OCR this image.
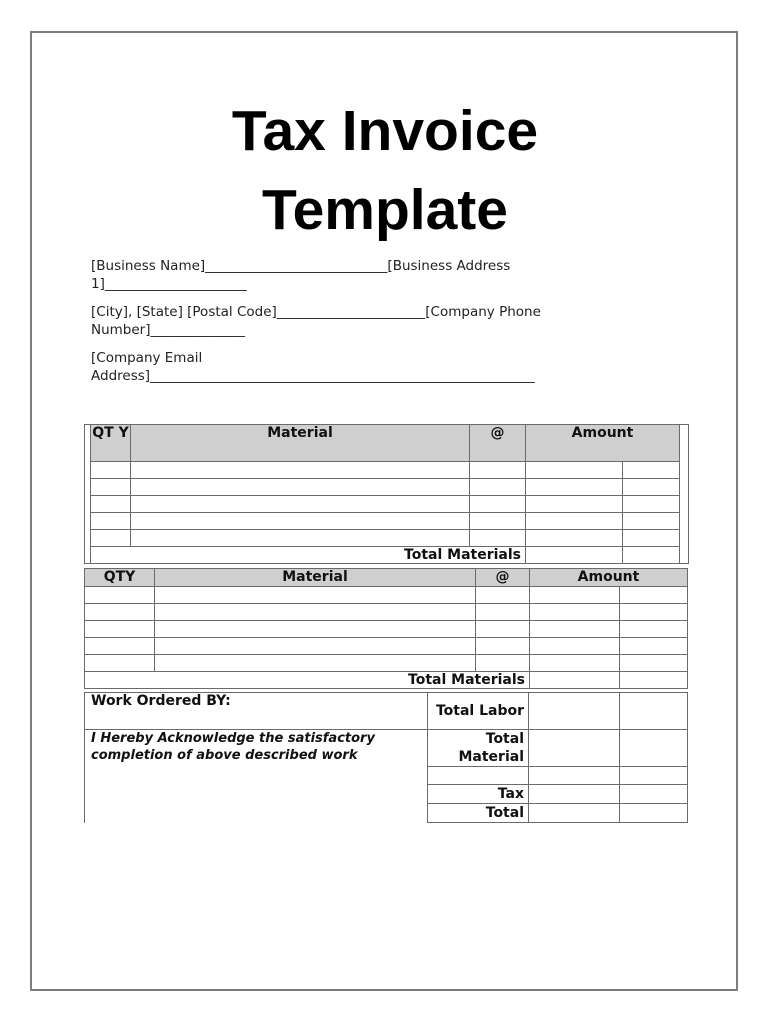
Tax Invoice
Template
[Business Name]___________________________[Business Address 1]_____________________
[City], [State] [Postal Code]______________________[Company Phone Number]______________
[Company Email Address]_________________________________________________________
	QT Y	Material	@	Amount		

	Total Materials					
QTY	Material	@	Amount	

Total Materials				
Work Ordered BY:	Total Labor		
I Hereby Acknowledge the satisfactory completion of above described work	Total Material		

	Tax		
	Total		
